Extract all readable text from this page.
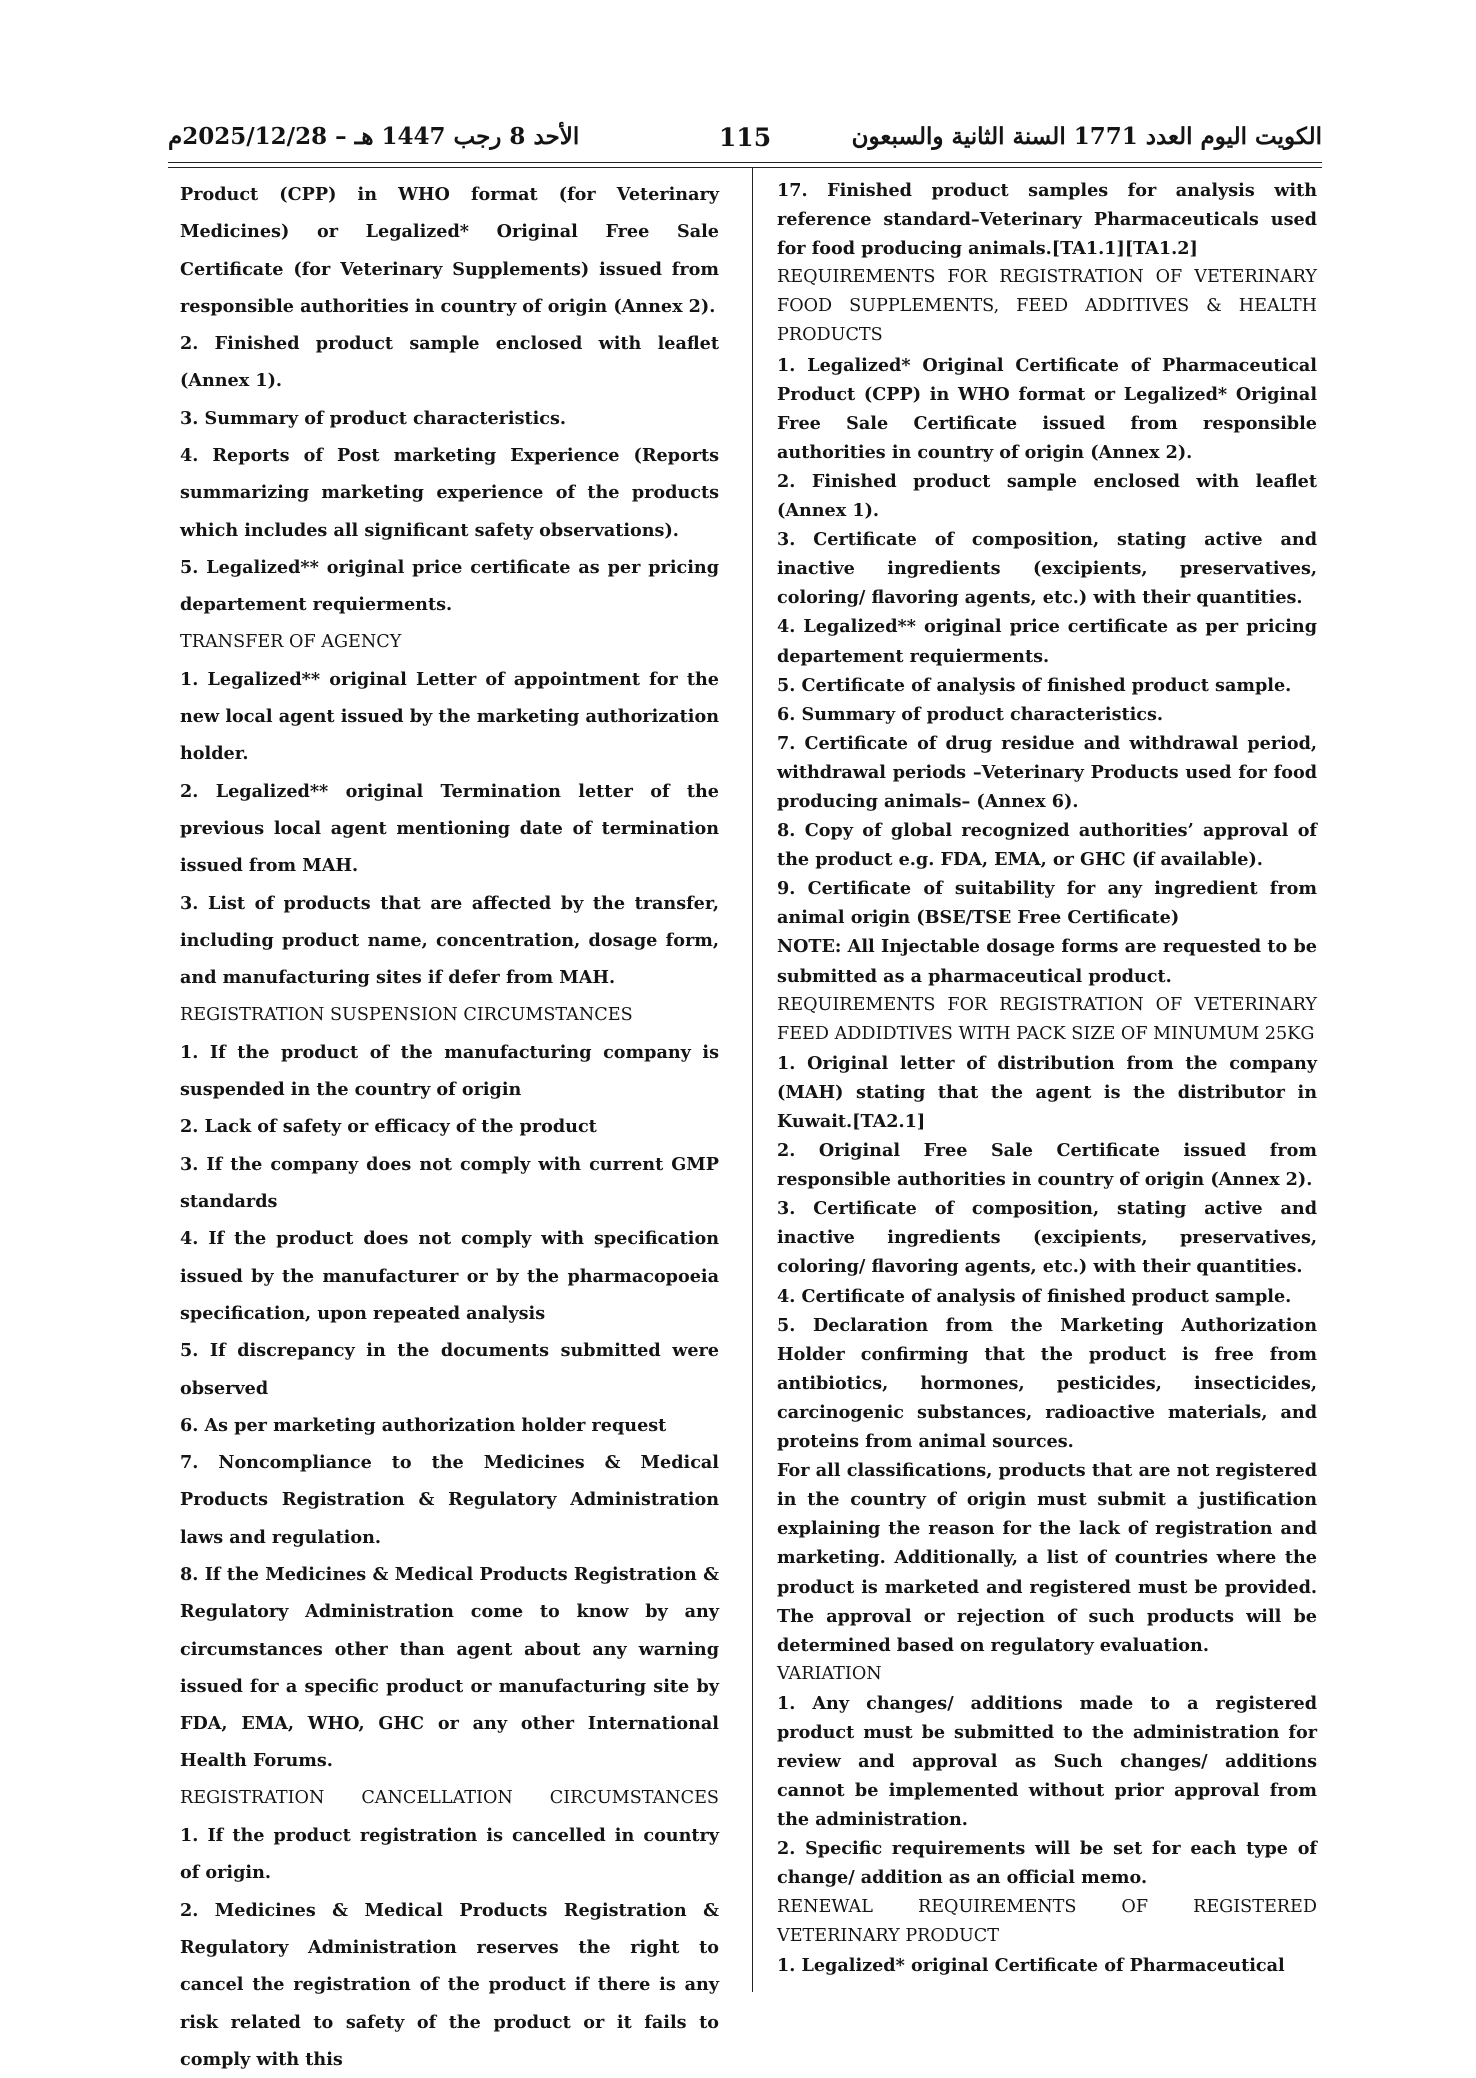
الأحد 8 رجب 1447 هـ – 2025/12/28م	115	الكويت اليوم العدد 1771 السنة الثانية والسبعون

Product (CPP) in WHO format (for Veterinary Medicines) or Legalized* Original Free Sale Certificate (for Veterinary Supplements) issued from responsible authorities in country of origin (Annex 2).

2. Finished product sample enclosed with leaflet (Annex 1).

3. Summary of product characteristics.

4. Reports of Post marketing Experience (Reports summarizing marketing experience of the products which includes all significant safety observations).

5. Legalized** original price certificate as per pricing departement requierments.

TRANSFER OF AGENCY

1. Legalized** original Letter of appointment for the new local agent issued by the marketing authorization holder.

2. Legalized** original Termination letter of the previous local agent mentioning date of termination issued from MAH.

3. List of products that are affected by the transfer, including product name, concentration, dosage form, and manufacturing sites if defer from MAH.

REGISTRATION SUSPENSION CIRCUMSTANCES

1. If the product of the manufacturing company is suspended in the country of origin

2. Lack of safety or efficacy of the product

3. If the company does not comply with current GMP standards

4. If the product does not comply with specification issued by the manufacturer or by the pharmacopoeia specification, upon repeated analysis

5. If discrepancy in the documents submitted were observed

6. As per marketing authorization holder request

7. Noncompliance to the Medicines & Medical Products Registration & Regulatory Administration laws and regulation.

8. If the Medicines & Medical Products Registration & Regulatory Administration come to know by any circumstances other than agent about any warning issued for a specific product or manufacturing site by FDA, EMA, WHO, GHC or any other International Health Forums.

REGISTRATION CANCELLATION CIRCUMSTANCES

1. If the product registration is cancelled in country of origin.

2. Medicines & Medical Products Registration & Regulatory Administration reserves the right to cancel the registration of the product if there is any risk related to safety of the product or it fails to comply with this

17. Finished product samples for analysis with reference standard–Veterinary Pharmaceuticals used for food producing animals.[TA1.1][TA1.2]

REQUIREMENTS FOR REGISTRATION OF VETERINARY FOOD SUPPLEMENTS, FEED ADDITIVES & HEALTH PRODUCTS

1. Legalized* Original Certificate of Pharmaceutical Product (CPP) in WHO format or Legalized* Original Free Sale Certificate issued from responsible authorities in country of origin (Annex 2).

2. Finished product sample enclosed with leaflet (Annex 1).

3. Certificate of composition, stating active and inactive ingredients (excipients, preservatives, coloring/ flavoring agents, etc.) with their quantities.

4. Legalized** original price certificate as per pricing departement requierments.

5. Certificate of analysis of finished product sample.

6. Summary of product characteristics.

7. Certificate of drug residue and withdrawal period, withdrawal periods –Veterinary Products used for food producing animals– (Annex 6).

8. Copy of global recognized authorities’ approval of the product e.g. FDA, EMA, or GHC (if available).

9. Certificate of suitability for any ingredient from animal origin (BSE/TSE Free Certificate)

NOTE: All Injectable dosage forms are requested to be submitted as a pharmaceutical product.

REQUIREMENTS FOR REGISTRATION OF VETERINARY FEED ADDIDTIVES WITH PACK SIZE OF MINUMUM 25KG

1. Original letter of distribution from the company (MAH) stating that the agent is the distributor in Kuwait.[TA2.1]

2. Original Free Sale Certificate issued from responsible authorities in country of origin (Annex 2).

3. Certificate of composition, stating active and inactive ingredients (excipients, preservatives, coloring/ flavoring agents, etc.) with their quantities.

4. Certificate of analysis of finished product sample.

5. Declaration from the Marketing Authorization Holder confirming that the product is free from antibiotics, hormones, pesticides, insecticides, carcinogenic substances, radioactive materials, and proteins from animal sources.

For all classifications, products that are not registered in the country of origin must submit a justification explaining the reason for the lack of registration and marketing. Additionally, a list of countries where the product is marketed and registered must be provided. The approval or rejection of such products will be determined based on regulatory evaluation.

VARIATION

1. Any changes/ additions made to a registered product must be submitted to the administration for review and approval as Such changes/ additions cannot be implemented without prior approval from the administration.

2. Specific requirements will be set for each type of change/ addition as an official memo.

RENEWAL REQUIREMENTS OF REGISTERED VETERINARY PRODUCT

1. Legalized* original Certificate of Pharmaceutical
